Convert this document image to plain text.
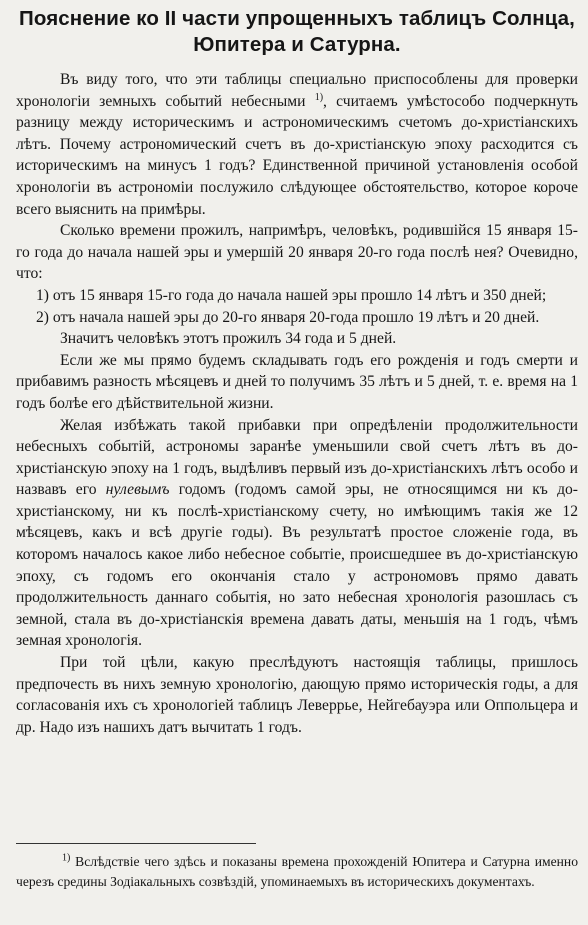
Пояснение ко II части упрощенныхъ таблицъ Солнца,
Юпитера и Сатурна.

Въ виду того, что эти таблицы специально приспособлены для проверки хронологiи земныхъ событий небесными $^{1)}$, считаемъ умѣстособо подчеркнуть разницу между историческимъ и астрономическимъ счетомъ до-христiанскихъ лѣтъ. Почему астрономический счетъ въ до-христiанскую эпоху расходится съ историческимъ на минусъ 1 годъ? Единственной причиной установленiя особой хронологiи въ астрономiи послужило слѣдующее обстоятельство, которое короче всего выяснить на примѣры.

Сколько времени прожилъ, напримѣръ, человѣкъ, родившiйся 15 января 15-го года до начала нашей эры и умершiй 20 января 20-го года послѣ нея? Очевидно, что:

1) отъ 15 января 15-го года до начала нашей эры прошло 14 лѣтъ и 350 дней;

2) отъ начала нашей эры до 20-го января 20-года прошло 19 лѣтъ и 20 дней.

Значитъ человѣкъ этотъ прожилъ 34 года и 5 дней.

Если же мы прямо будемъ складывать годъ его рожденiя и годъ смерти и прибавимъ разность мѣсяцевъ и дней то получимъ 35 лѣтъ и 5 дней, т. е. время на 1 годъ болѣе его дѣйствительной жизни.

Желая избѣжать такой прибавки при опредѣленiи продолжительности небесныхъ событiй, астрономы заранѣе уменьшили свой счетъ лѣтъ въ до-христiанскую эпоху на 1 годъ, выдѣливъ первый изъ до-христiанскихъ лѣтъ особо и назвавъ его нулевымъ годомъ (годомъ самой эры, не относящимся ни къ до-христiанскому, ни къ послѣ-христiанскому счету, но имѣющимъ такiя же 12 мѣсяцевъ, какъ и всѣ другiе годы). Въ результатѣ простое сложенiе года, въ которомъ началось какое либо небесное событiе, происшедшее въ до-христiанскую эпоху, съ годомъ его окончанiя стало у астрономовъ прямо давать продолжительность даннаго событiя, но зато небесная хронологiя разошлась съ земной, стала въ до-христiанскiя времена давать даты, меньшiя на 1 годъ, чѣмъ земная хронологiя.

При той цѣли, какую преслѣдуютъ настоящiя таблицы, пришлось предпочесть въ нихъ земную хронологiю, дающую прямо историческiя годы, а для согласованiя ихъ съ хронологiей таблицъ Леверрье, Нейгебауэра или Оппольцера и др. Надо изъ нашихъ датъ вычитать 1 годъ.

$^{1)}$ Вслѣдствiе чего здѣсь и показаны времена прохожденiй Юпитера и Сатурна именно черезъ средины Зодiакальныхъ созвѣздiй, упоминаемыхъ въ историческихъ документахъ.
